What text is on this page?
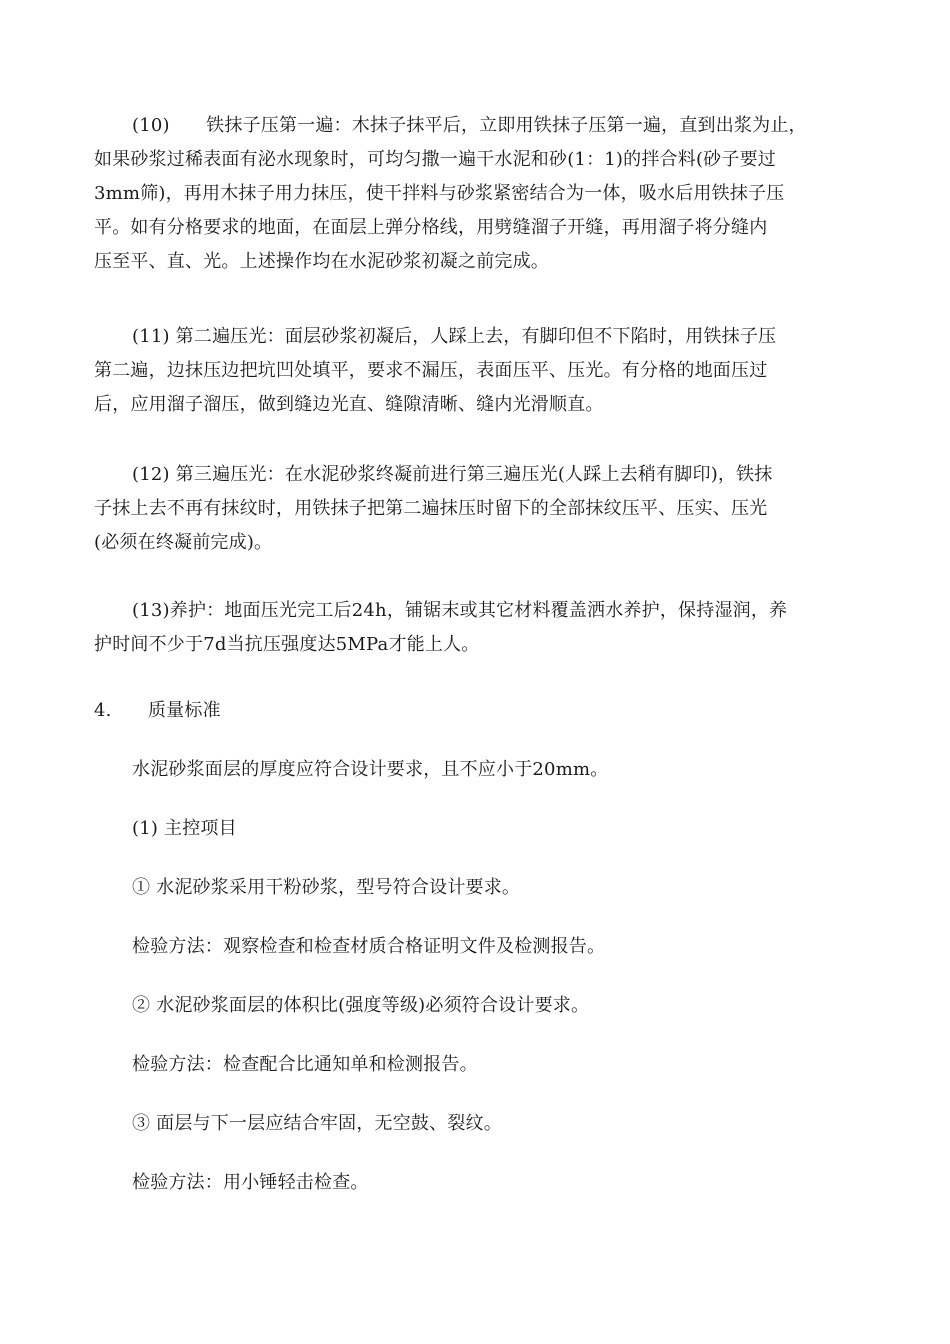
(10)　　铁抹子压第一遍：木抹子抹平后，立即用铁抹子压第一遍，直到出浆为止，
如果砂浆过稀表面有泌水现象时，可均匀撒一遍干水泥和砂(1：1)的拌合料(砂子要过
3mm筛)，再用木抹子用力抹压，使干拌料与砂浆紧密结合为一体，吸水后用铁抹子压
平。如有分格要求的地面，在面层上弹分格线，用劈缝溜子开缝，再用溜子将分缝内
压至平、直、光。上述操作均在水泥砂浆初凝之前完成。
(11) 第二遍压光：面层砂浆初凝后，人踩上去，有脚印但不下陷时，用铁抹子压
第二遍，边抹压边把坑凹处填平，要求不漏压，表面压平、压光。有分格的地面压过
后，应用溜子溜压，做到缝边光直、缝隙清晰、缝内光滑顺直。
(12) 第三遍压光：在水泥砂浆终凝前进行第三遍压光(人踩上去稍有脚印)，铁抹
子抹上去不再有抹纹时，用铁抹子把第二遍抹压时留下的全部抹纹压平、压实、压光
(必须在终凝前完成)。
(13)养护：地面压光完工后24h，铺锯末或其它材料覆盖洒水养护，保持湿润，养
护时间不少于7d当抗压强度达5MPa才能上人。
4.　　质量标准
水泥砂浆面层的厚度应符合设计要求，且不应小于20mm。
(1) 主控项目
① 水泥砂浆采用干粉砂浆，型号符合设计要求。
检验方法：观察检查和检查材质合格证明文件及检测报告。
② 水泥砂浆面层的体积比(强度等级)必须符合设计要求。
检验方法：检查配合比通知单和检测报告。
③ 面层与下一层应结合牢固，无空鼓、裂纹。
检验方法：用小锤轻击检查。
